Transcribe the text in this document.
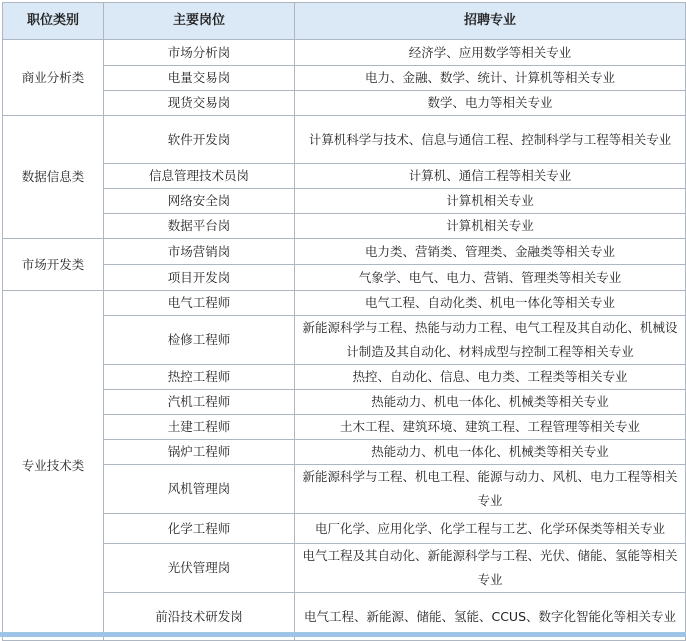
职位类别	主要岗位	招聘专业
商业分析类	市场分析岗	经济学、应用数学等相关专业
	电量交易岗	电力、金融、数学、统计、计算机等相关专业
	现货交易岗	数学、电力等相关专业
数据信息类	软件开发岗	计算机科学与技术、信息与通信工程、控制科学与工程等相关专业
	信息管理技术员岗	计算机、通信工程等相关专业
	网络安全岗	计算机相关专业
	数据平台岗	计算机相关专业
市场开发类	市场营销岗	电力类、营销类、管理类、金融类等相关专业
	项目开发岗	气象学、电气、电力、营销、管理类等相关专业
专业技术类	电气工程师	电气工程、自动化类、机电一体化等相关专业
	检修工程师	新能源科学与工程、热能与动力工程、电气工程及其自动化、机械设计制造及其自动化、材料成型与控制工程等相关专业
	热控工程师	热控、自动化、信息、电力类、工程类等相关专业
	汽机工程师	热能动力、机电一体化、机械类等相关专业
	土建工程师	土木工程、建筑环境、建筑工程、工程管理等相关专业
	锅炉工程师	热能动力、机电一体化、机械类等相关专业
	风机管理岗	新能源科学与工程、机电工程、能源与动力、风机、电力工程等相关专业
	化学工程师	电厂化学、应用化学、化学工程与工艺、化学环保类等相关专业
	光伏管理岗	电气工程及其自动化、新能源科学与工程、光伏、储能、氢能等相关专业
	前沿技术研发岗	电气工程、新能源、储能、氢能、CCUS、数字化智能化等相关专业
